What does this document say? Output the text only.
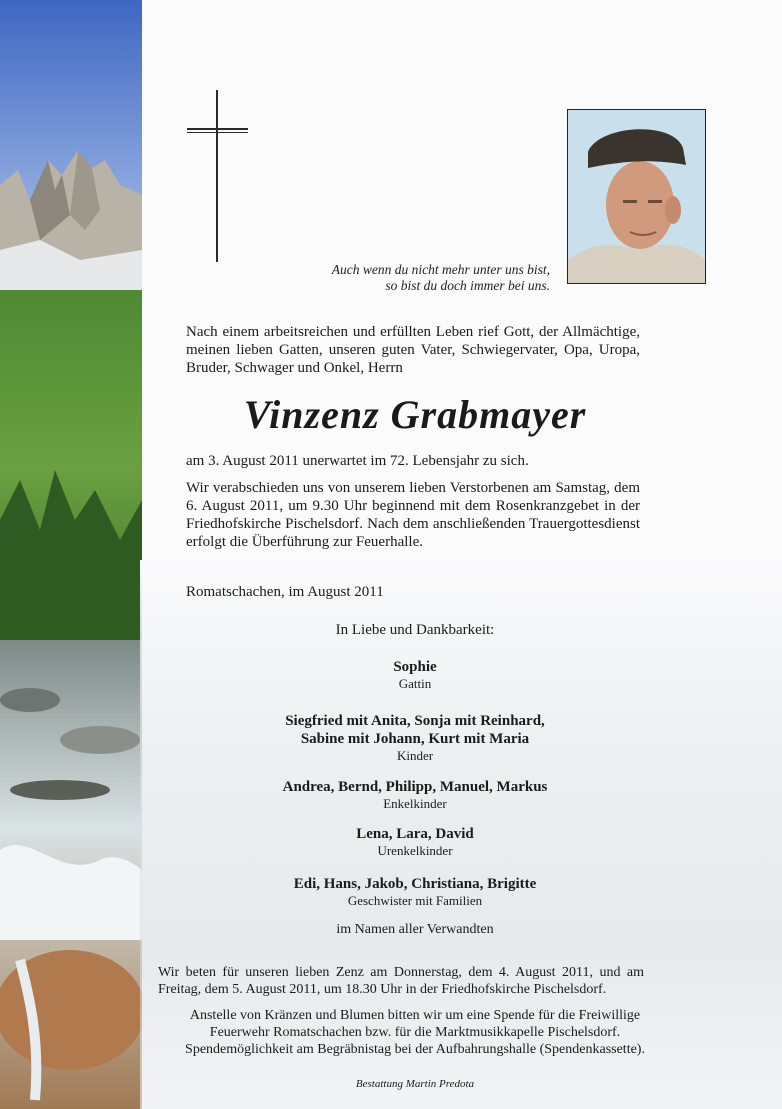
Auch wenn du nicht mehr unter uns bist,
so bist du doch immer bei uns.
Nach einem arbeitsreichen und erfüllten Leben rief Gott, der Allmächtige, meinen lieben Gatten, unseren guten Vater, Schwiegervater, Opa, Uropa, Bruder, Schwager und Onkel, Herrn
Vinzenz Grabmayer
am 3. August 2011 unerwartet im 72. Lebensjahr zu sich.
Wir verabschieden uns von unserem lieben Verstorbenen am Samstag, dem 6. August 2011, um 9.30 Uhr beginnend mit dem Rosenkranzgebet in der Friedhofskirche Pischelsdorf. Nach dem anschließenden Trauergottesdienst erfolgt die Überführung zur Feuerhalle.
Romatschachen, im August 2011
In Liebe und Dankbarkeit:
Sophie
Gattin
Siegfried mit Anita, Sonja mit Reinhard,
Sabine mit Johann, Kurt mit Maria
Kinder
Andrea, Bernd, Philipp, Manuel, Markus
Enkelkinder
Lena, Lara, David
Urenkelkinder
Edi, Hans, Jakob, Christiana, Brigitte
Geschwister mit Familien
im Namen aller Verwandten
Wir beten für unseren lieben Zenz am Donnerstag, dem 4. August 2011, und am Freitag, dem 5. August 2011, um 18.30 Uhr in der Friedhofskirche Pischelsdorf.
Anstelle von Kränzen und Blumen bitten wir um eine Spende für die Freiwillige
Feuerwehr Romatschachen bzw. für die Marktmusikkapelle Pischelsdorf.
Spendemöglichkeit am Begräbnistag bei der Aufbahrungshalle (Spendenkassette).
Bestattung Martin Predota
